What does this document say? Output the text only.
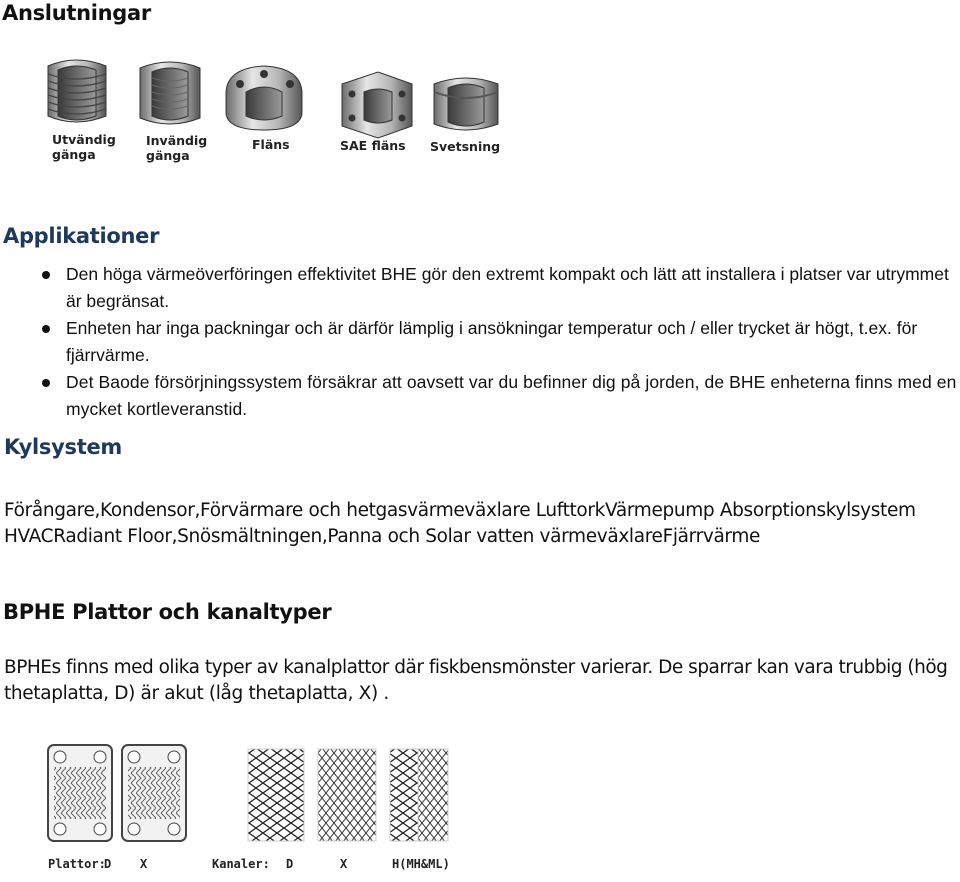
Anslutningar
Utvändig
gänga
Invändig
gänga
Fläns	SAE fläns Svetsning
Applikationer
Den höga värmeöverföringen effektivitet BHE gör den extremt kompakt och lätt att installera i platser var utrymmet är begränsat.
Enheten har inga packningar och är därför lämplig i ansökningar temperatur och / eller trycket är högt, t.ex. för fjärrvärme.
Det Baode försörjningssystem försäkrar att oavsett var du befinner dig på jorden, de BHE enheterna finns med en mycket kortleveranstid.
Kylsystem
Förångare,Kondensor,Förvärmare och hetgasvärmeväxlare LufttorkVärmepump Absorptionskylsystem
HVACRadiant Floor,Snösmältningen,Panna och Solar vatten värmeväxlareFjärrvärme
BPHE Plattor och kanaltyper
BPHEs finns med olika typer av kanalplattor där fiskbensmönster varierar. De sparrar kan vara trubbig (hög
thetaplatta, D) är akut (låg thetaplatta, X) .
Plattor:
D X	Kanaler: D	X	H(MH&ML)
